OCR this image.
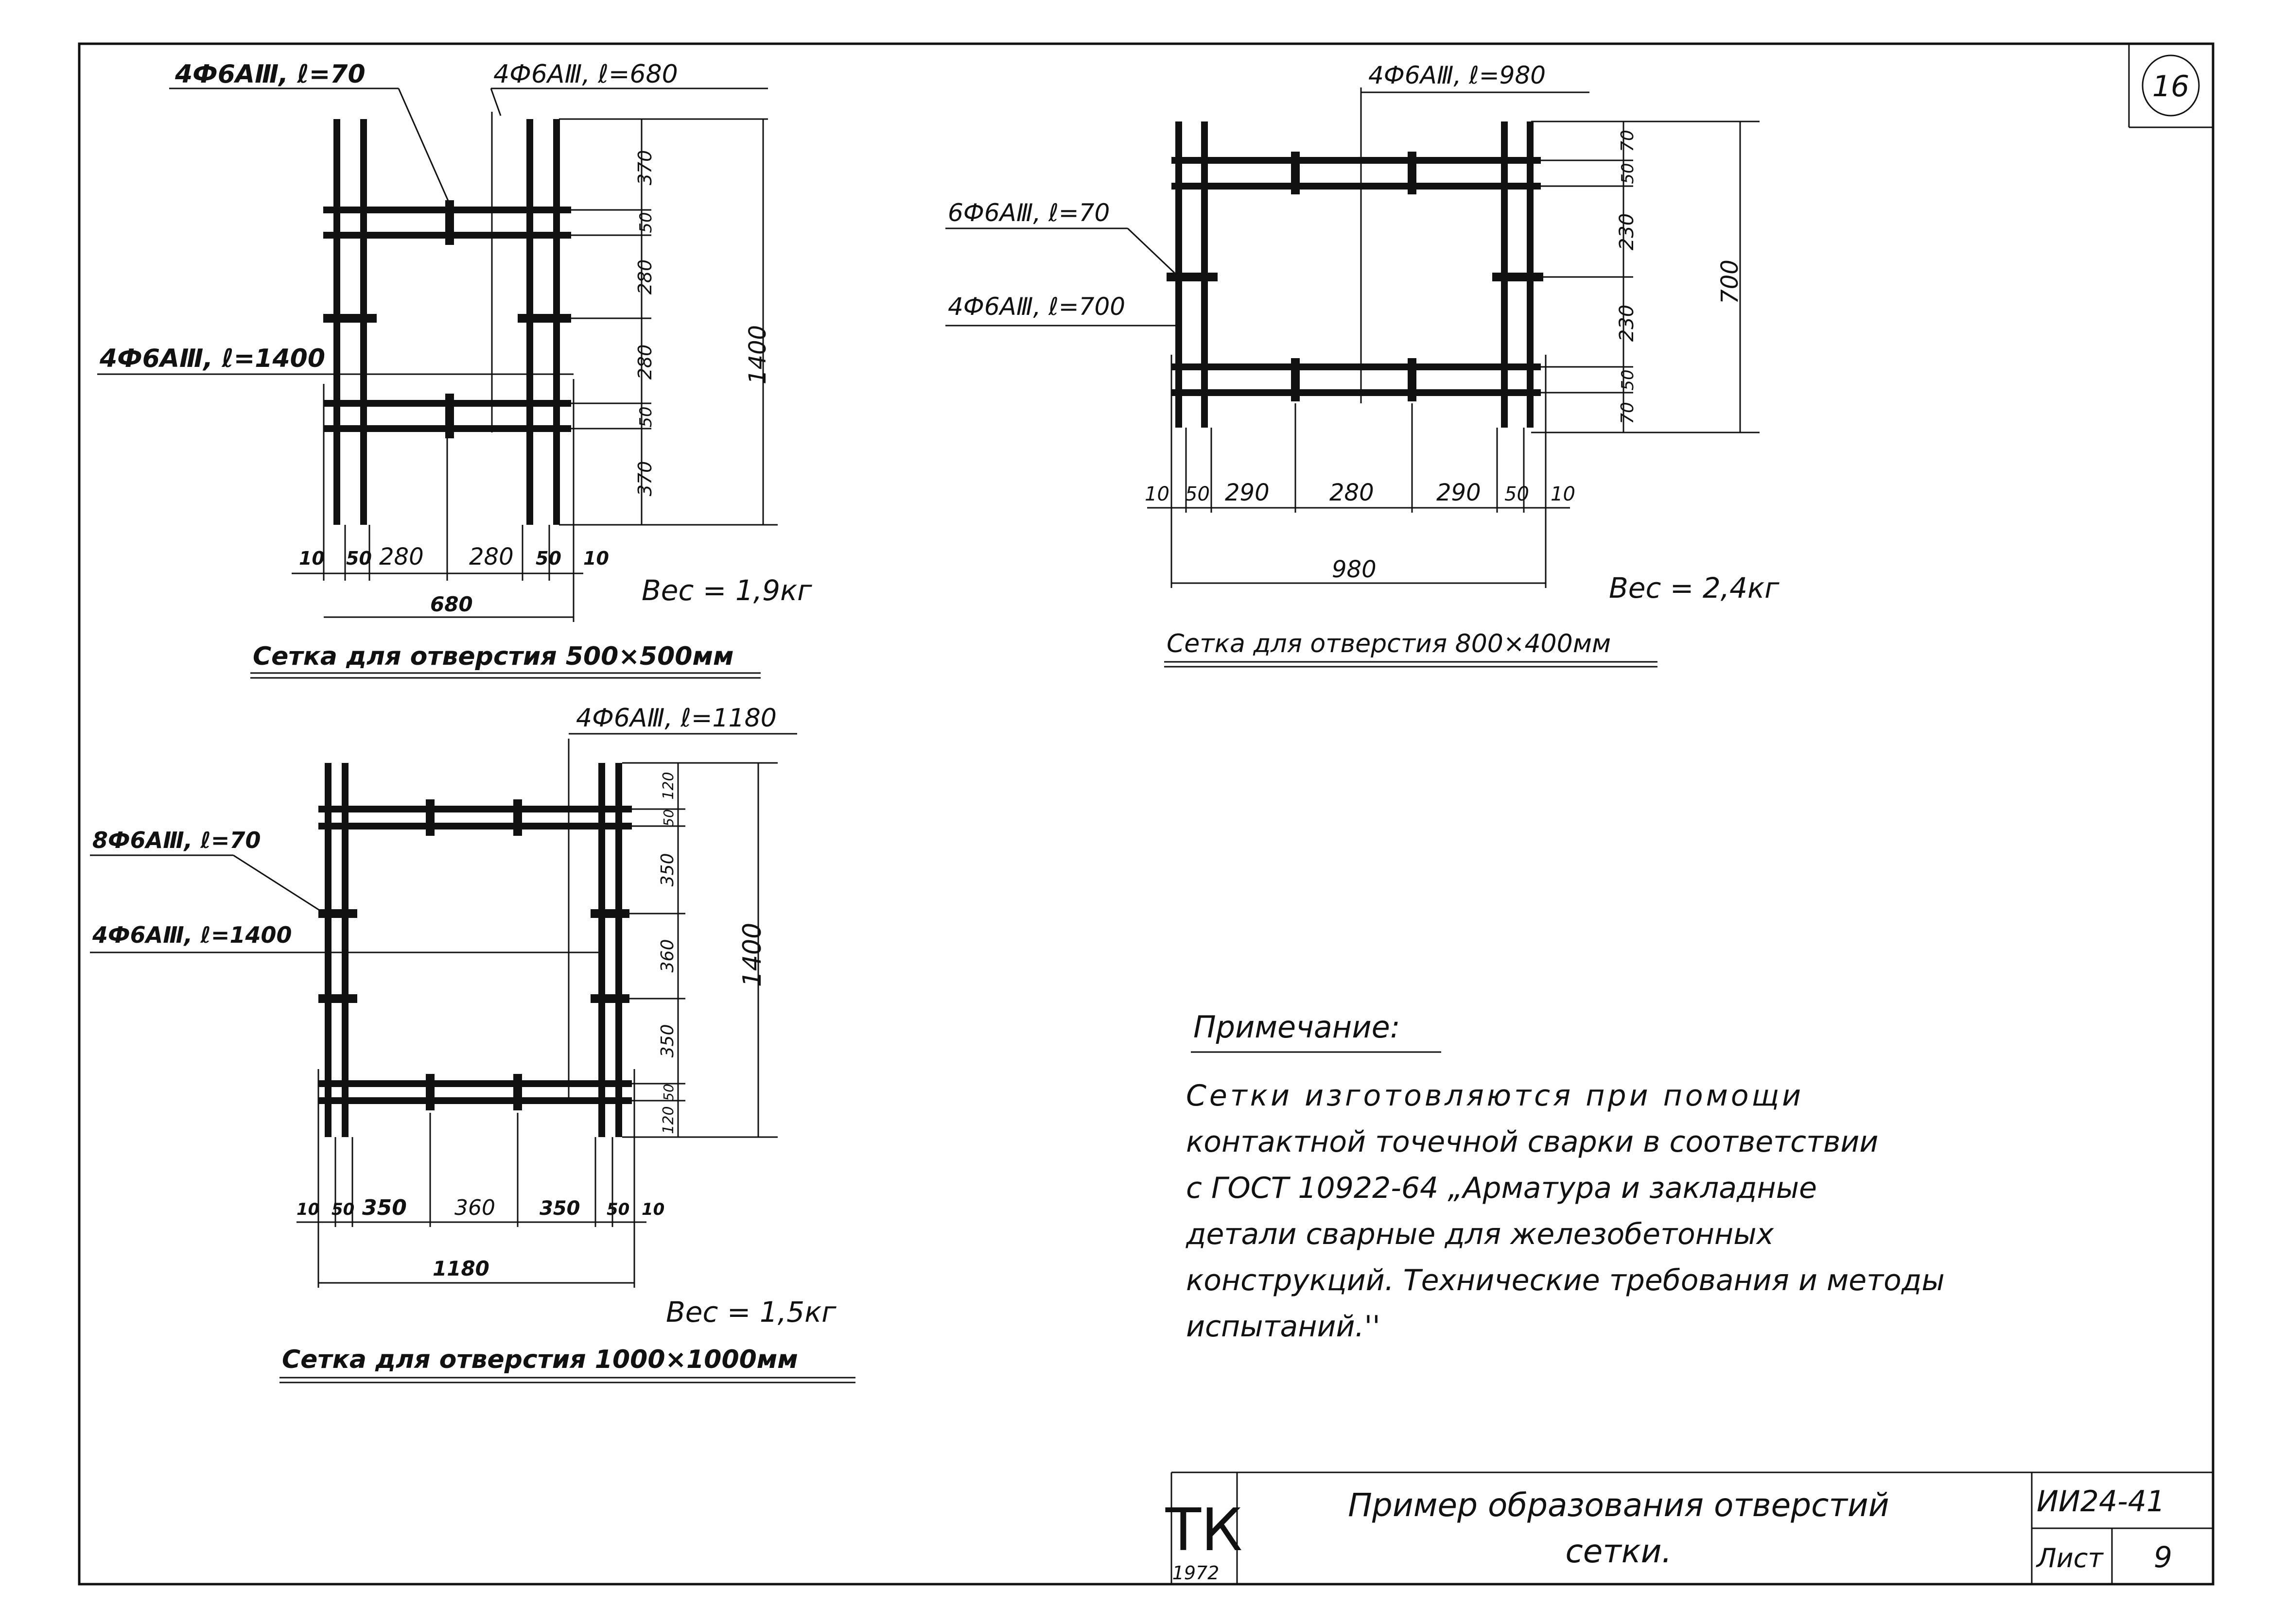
16
ТК
1972
Пример образования отверстий
сетки.
ИИ24-41
Лист 9
4Ф6АⅢ, ℓ=70	4Ф6АⅢ, ℓ=680
4Ф6АⅢ, ℓ=1400
10 50 280 280 50 10
680
370
50
280
280
50
370
1400
Вес = 1,9кг
Сетка для отверстия 500×500мм
4Ф6АⅢ, ℓ=980
6Ф6АⅢ, ℓ=70
4Ф6АⅢ, ℓ=700
10 50 290	280	290 50 10
980
70
50
230
230
50
70
700
Вес = 2,4кг
Сетка для отверстия 800×400мм
4Ф6АⅢ, ℓ=1180
8Ф6АⅢ, ℓ=70
4Ф6АⅢ, ℓ=1400
10 50 350 360 350 50 10
1180
120
50
350
360
350
50
120
1400
Вес = 1,5кг
Сетка для отверстия 1000×1000мм
Примечание:
Сетки изготовляются при помощи
контактной точечной сварки в соответствии
с ГОСТ 10922-64 „Арматура и закладные
детали сварные для железобетонных
конструкций. Технические требования и методы
испытаний.''
